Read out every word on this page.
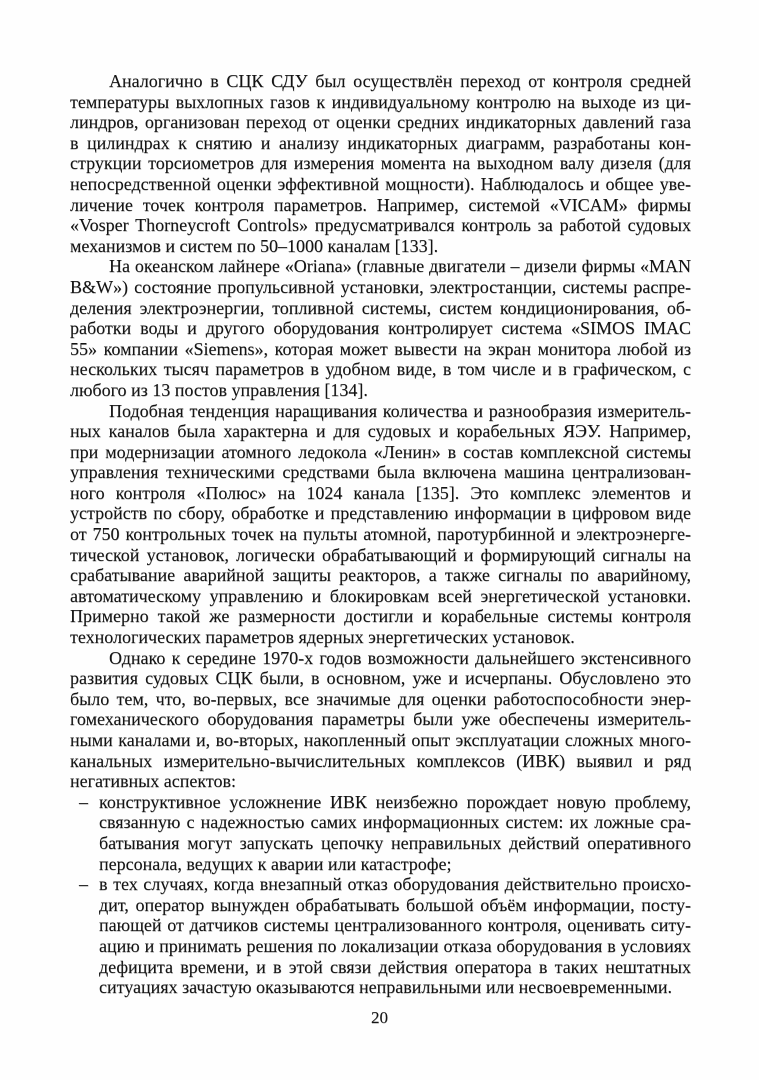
Аналогично в СЦК СДУ был осуществлён переход от контроля средней
температуры выхлопных газов к индивидуальному контролю на выходе из ци-
линдров, организован переход от оценки средних индикаторных давлений газа
в цилиндрах к снятию и анализу индикаторных диаграмм, разработаны кон-
струкции торсиометров для измерения момента на выходном валу дизеля (для
непосредственной оценки эффективной мощности). Наблюдалось и общее уве-
личение точек контроля параметров. Например, системой «VICAM» фирмы
«Vosper Thorneycroft Controls» предусматривался контроль за работой судовых
механизмов и систем по 50–1000 каналам [133].
На океанском лайнере «Oriana» (главные двигатели – дизели фирмы «MAN
B&W») состояние пропульсивной установки, электростанции, системы распре-
деления электроэнергии, топливной системы, систем кондиционирования, об-
работки воды и другого оборудования контролирует система «SIMOS IMAC
55» компании «Siemens», которая может вывести на экран монитора любой из
нескольких тысяч параметров в удобном виде, в том числе и в графическом, с
любого из 13 постов управления [134].
Подобная тенденция наращивания количества и разнообразия измеритель-
ных каналов была характерна и для судовых и корабельных ЯЭУ. Например,
при модернизации атомного ледокола «Ленин» в состав комплексной системы
управления техническими средствами была включена машина централизован-
ного контроля «Полюс» на 1024 канала [135]. Это комплекс элементов и
устройств по сбору, обработке и представлению информации в цифровом виде
от 750 контрольных точек на пульты атомной, паротурбинной и электроэнерге-
тической установок, логически обрабатывающий и формирующий сигналы на
срабатывание аварийной защиты реакторов, а также сигналы по аварийному,
автоматическому управлению и блокировкам всей энергетической установки.
Примерно такой же размерности достигли и корабельные системы контроля
технологических параметров ядерных энергетических установок.
Однако к середине 1970-х годов возможности дальнейшего экстенсивного
развития судовых СЦК были, в основном, уже и исчерпаны. Обусловлено это
было тем, что, во-первых, все значимые для оценки работоспособности энер-
гомеханического оборудования параметры были уже обеспечены измеритель-
ными каналами и, во-вторых, накопленный опыт эксплуатации сложных много-
канальных измерительно-вычислительных комплексов (ИВК) выявил и ряд
негативных аспектов:
– конструктивное усложнение ИВК неизбежно порождает новую проблему,
связанную с надежностью самих информационных систем: их ложные сра-
батывания могут запускать цепочку неправильных действий оперативного
персонала, ведущих к аварии или катастрофе;
– в тех случаях, когда внезапный отказ оборудования действительно происхо-
дит, оператор вынужден обрабатывать большой объём информации, посту-
пающей от датчиков системы централизованного контроля, оценивать ситу-
ацию и принимать решения по локализации отказа оборудования в условиях
дефицита времени, и в этой связи действия оператора в таких нештатных
ситуациях зачастую оказываются неправильными или несвоевременными.
20
